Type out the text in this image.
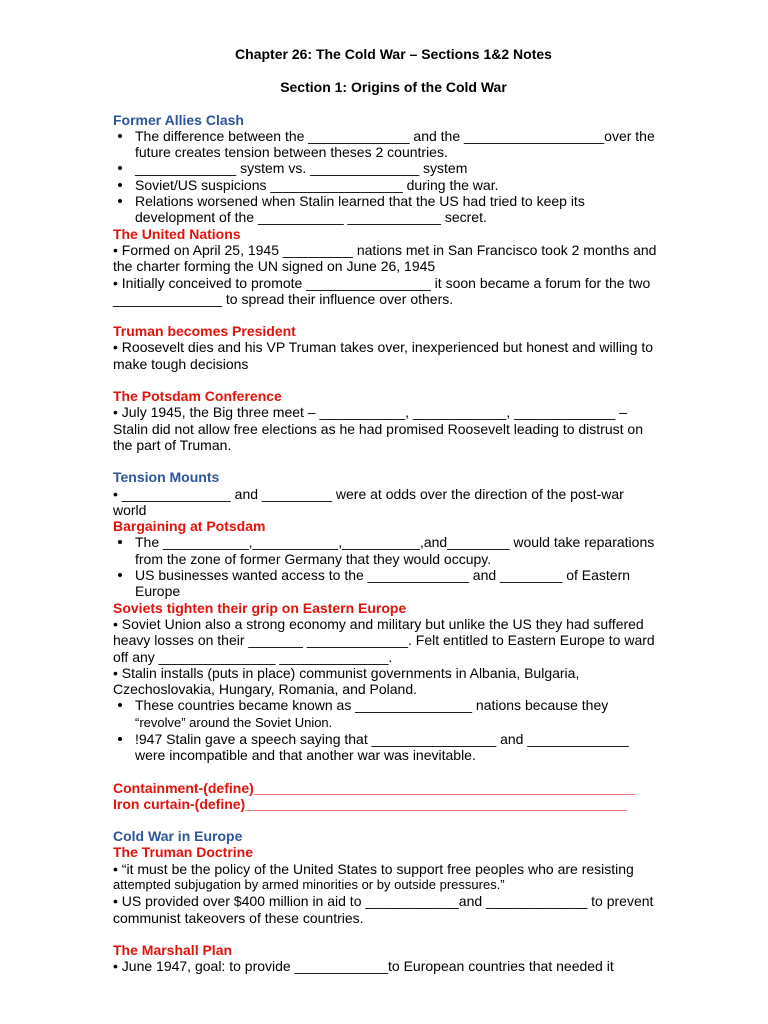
Chapter 26: The Cold War – Sections 1&2 Notes

Section 1: Origins of the Cold War

Former Allies Clash

The difference between the _____________ and the __________________over the future creates tension between theses 2 countries.
_____________ system vs. ______________ system
Soviet/US suspicions _________________ during the war.
Relations worsened when Stalin learned that the US had tried to keep its development of the ___________ ____________ secret.

The United Nations

• Formed on April 25, 1945 _________ nations met in San Francisco took 2 months and the charter forming the UN signed on June 26, 1945

• Initially conceived to promote ________________ it soon became a forum for the two ______________ to spread their influence over others.

Truman becomes President

• Roosevelt dies and his VP Truman takes over, inexperienced but honest and willing to make tough decisions

The Potsdam Conference

• July 1945, the Big three meet – ___________, ____________, _____________ – Stalin did not allow free elections as he had promised Roosevelt leading to distrust on the part of Truman.

Tension Mounts

• ______________ and _________ were at odds over the direction of the post-war world

Bargaining at Potsdam

The ___________,___________,__________,and________ would take reparations from the zone of former Germany that they would occupy.
US businesses wanted access to the _____________ and ________ of Eastern Europe

Soviets tighten their grip on Eastern Europe

• Soviet Union also a strong economy and military but unlike the US they had suffered heavy losses on their _______ _____________. Felt entitled to Eastern Europe to ward off any _______________ ______________.

• Stalin installs (puts in place) communist governments in Albania, Bulgaria, Czechoslovakia, Hungary, Romania, and Poland.

These countries became known as _______________ nations because they
“revolve” around the Soviet Union.
!947 Stalin gave a speech saying that ________________ and _____________ were incompatible and that another war was inevitable.

Containment-(define)_________________________________________________

Iron curtain-(define)_________________________________________________

Cold War in Europe

The Truman Doctrine

• “it must be the policy of the United States to support free peoples who are resisting

attempted subjugation by armed minorities or by outside pressures.”

• US provided over $400 million in aid to ____________and _____________ to prevent communist takeovers of these countries.

The Marshall Plan

• June 1947, goal: to provide ____________to European countries that needed it
